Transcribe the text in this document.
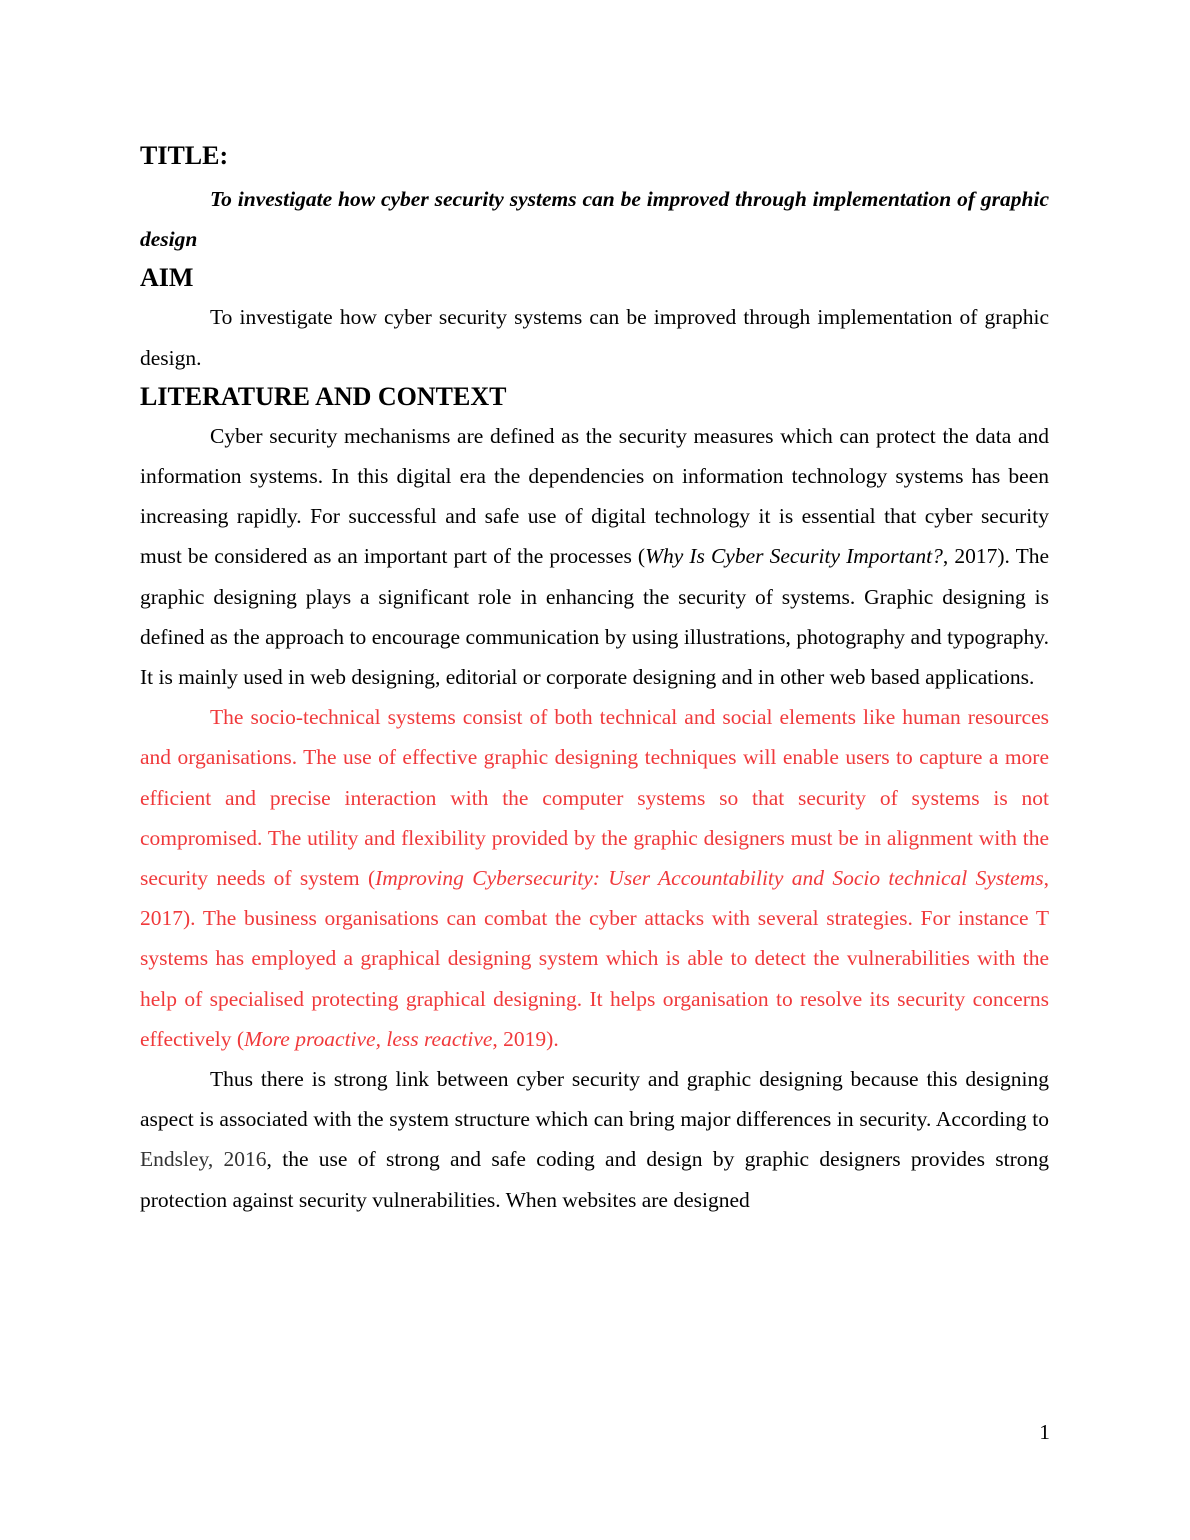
TITLE:

To investigate how cyber security systems can be improved through implementation of graphic design

AIM

To investigate how cyber security systems can be improved through implementation of graphic design.

LITERATURE AND CONTEXT

Cyber security mechanisms are defined as the security measures which can protect the data and information systems. In this digital era the dependencies on information technology systems has been increasing rapidly. For successful and safe use of digital technology it is essential that cyber security must be considered as an important part of the processes (Why Is Cyber Security Important?, 2017). The graphic designing plays a significant role in enhancing the security of systems. Graphic designing is defined as the approach to encourage communication by using illustrations, photography and typography. It is mainly used in web designing, editorial or corporate designing and in other web based applications.

The socio-technical systems consist of both technical and social elements like human resources and organisations. The use of effective graphic designing techniques will enable users to capture a more efficient and precise interaction with the computer systems so that security of systems is not compromised. The utility and flexibility provided by the graphic designers must be in alignment with the security needs of system (Improving Cybersecurity: User Accountability and Socio technical Systems, 2017). The business organisations can combat the cyber attacks with several strategies. For instance T systems has employed a graphical designing system which is able to detect the vulnerabilities with the help of specialised protecting graphical designing. It helps organisation to resolve its security concerns effectively (More proactive, less reactive, 2019).

Thus there is strong link between cyber security and graphic designing because this designing aspect is associated with the system structure which can bring major differences in security. According to Endsley, 2016, the use of strong and safe coding and design by graphic designers provides strong protection against security vulnerabilities. When websites are designed

1
